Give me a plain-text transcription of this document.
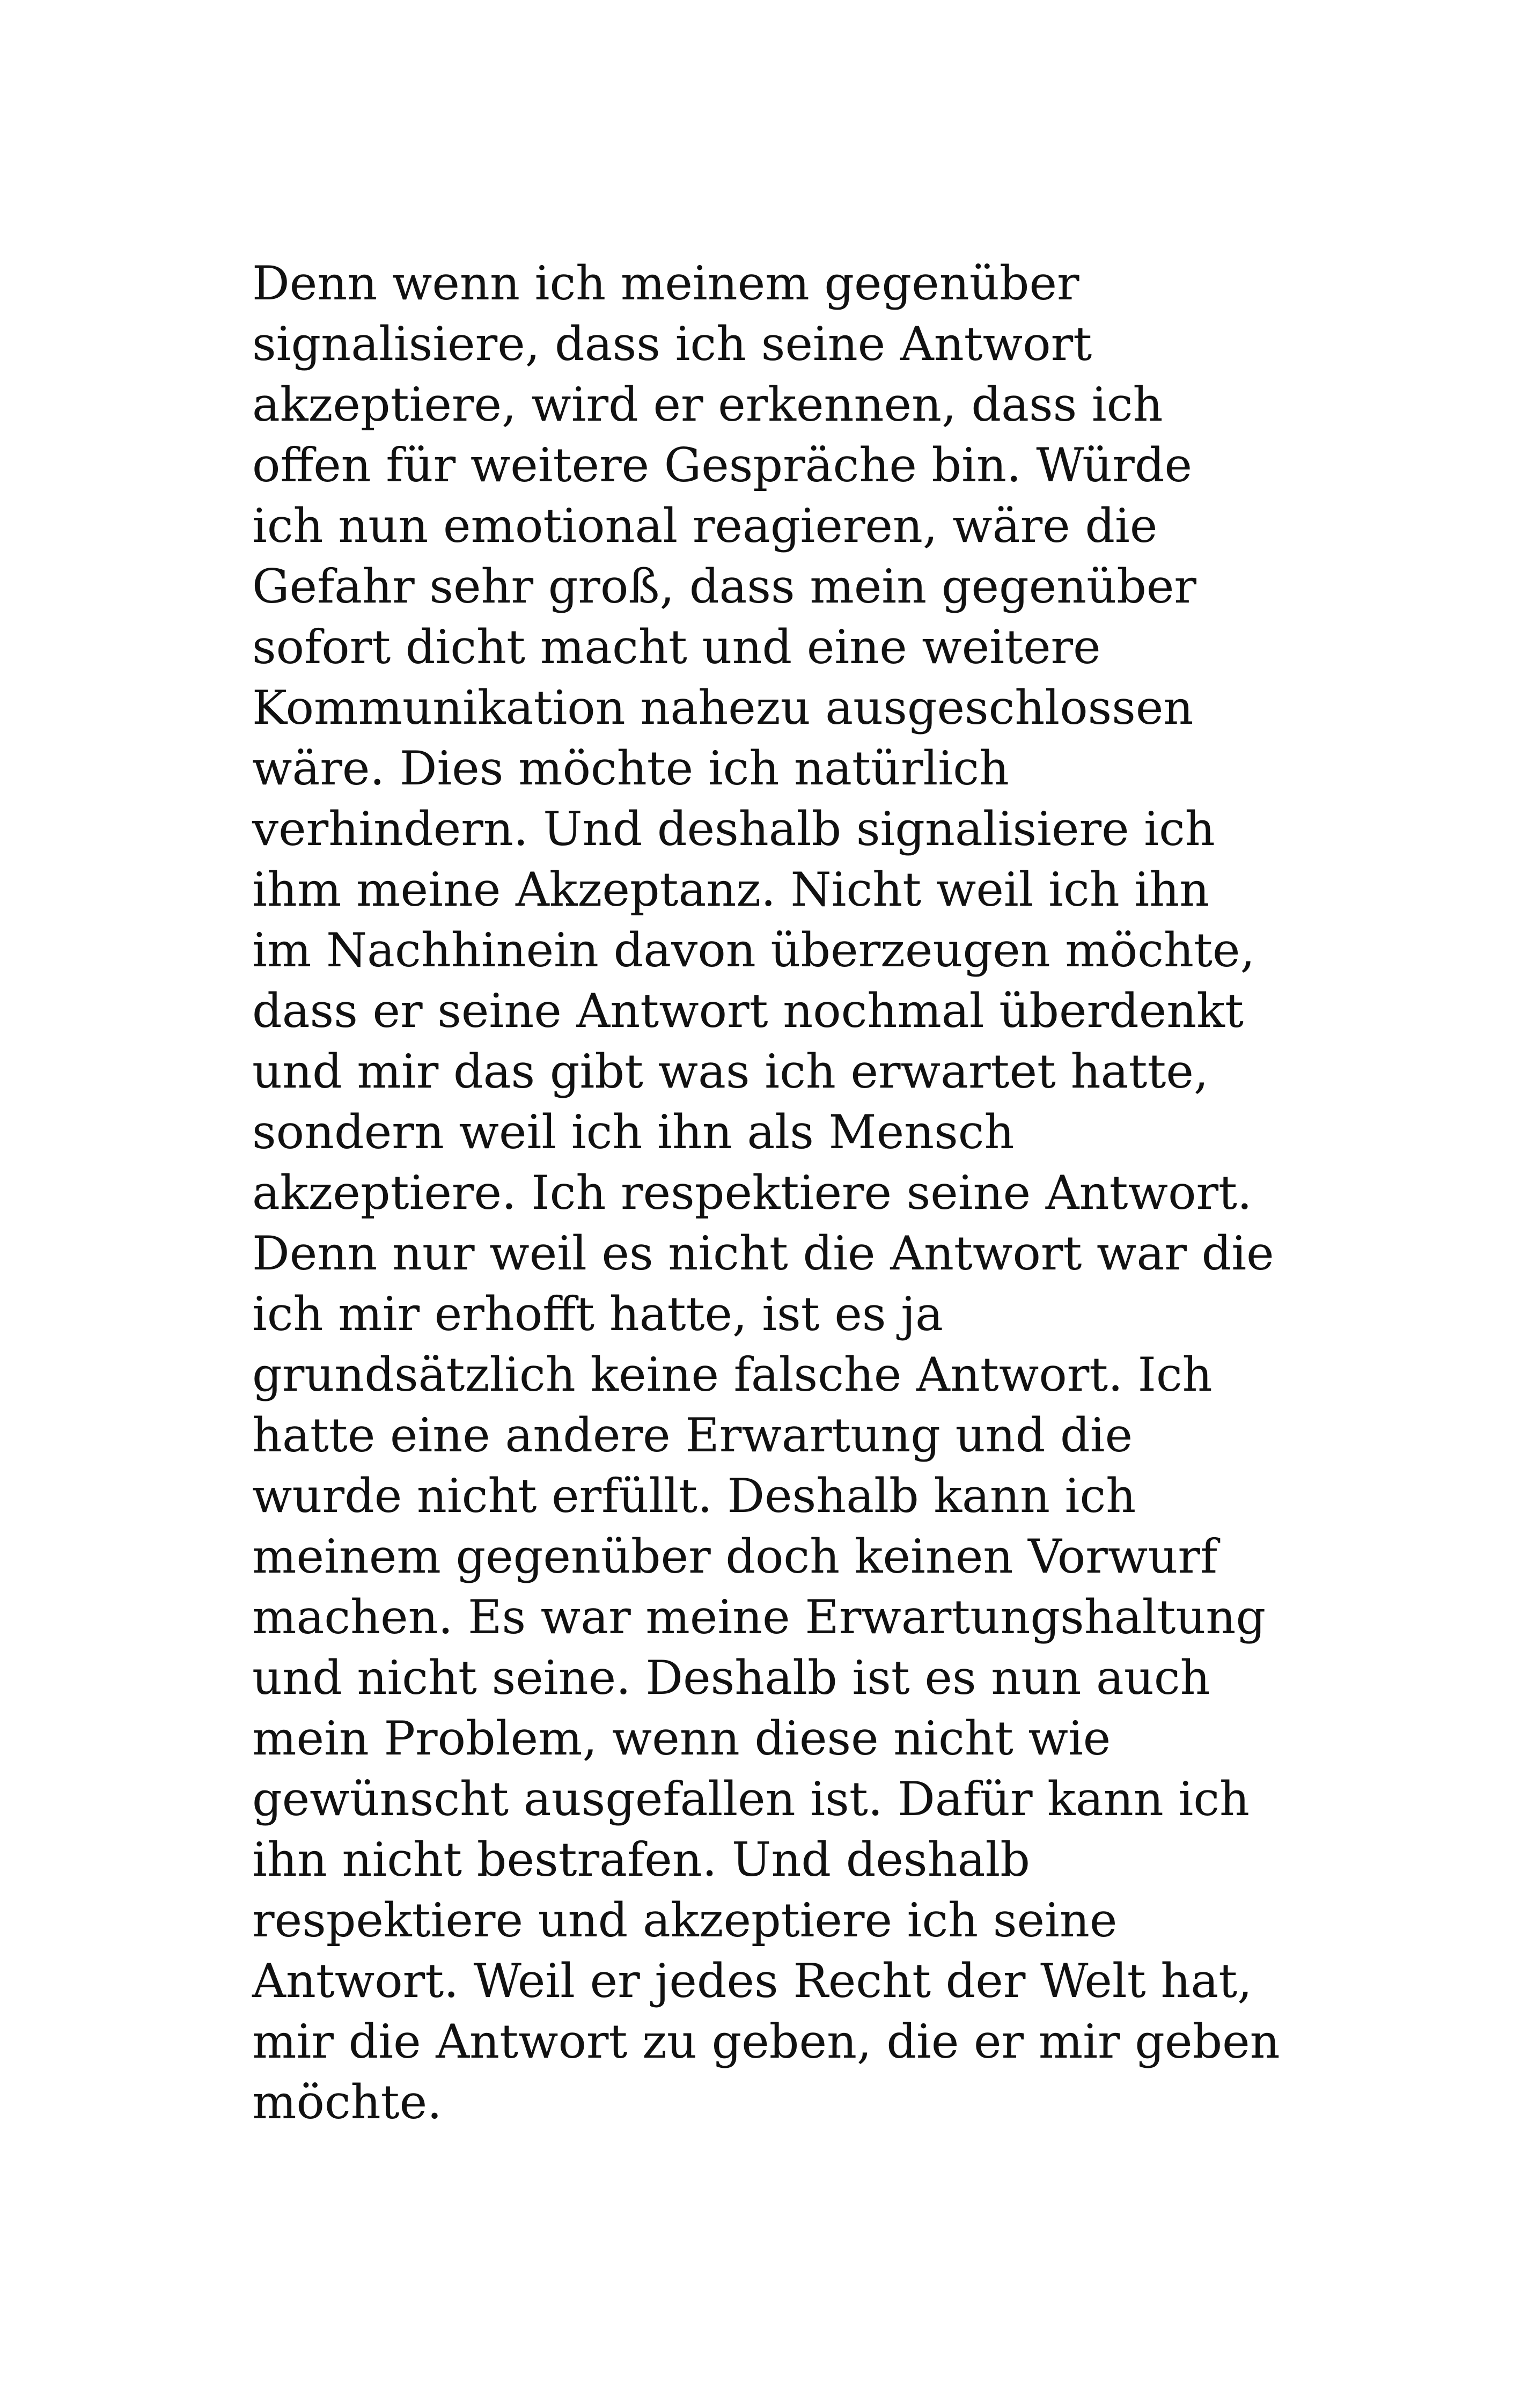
Denn wenn ich meinem gegenüber
signalisiere, dass ich seine Antwort
akzeptiere, wird er erkennen, dass ich
offen für weitere Gespräche bin. Würde
ich nun emotional reagieren, wäre die
Gefahr sehr groß, dass mein gegenüber
sofort dicht macht und eine weitere
Kommunikation nahezu ausgeschlossen
wäre. Dies möchte ich natürlich
verhindern. Und deshalb signalisiere ich
ihm meine Akzeptanz. Nicht weil ich ihn
im Nachhinein davon überzeugen möchte,
dass er seine Antwort nochmal überdenkt
und mir das gibt was ich erwartet hatte,
sondern weil ich ihn als Mensch
akzeptiere. Ich respektiere seine Antwort.
Denn nur weil es nicht die Antwort war die
ich mir erhofft hatte, ist es ja
grundsätzlich keine falsche Antwort. Ich
hatte eine andere Erwartung und die
wurde nicht erfüllt. Deshalb kann ich
meinem gegenüber doch keinen Vorwurf
machen. Es war meine Erwartungshaltung
und nicht seine. Deshalb ist es nun auch
mein Problem, wenn diese nicht wie
gewünscht ausgefallen ist. Dafür kann ich
ihn nicht bestrafen. Und deshalb
respektiere und akzeptiere ich seine
Antwort. Weil er jedes Recht der Welt hat,
mir die Antwort zu geben, die er mir geben
möchte.
